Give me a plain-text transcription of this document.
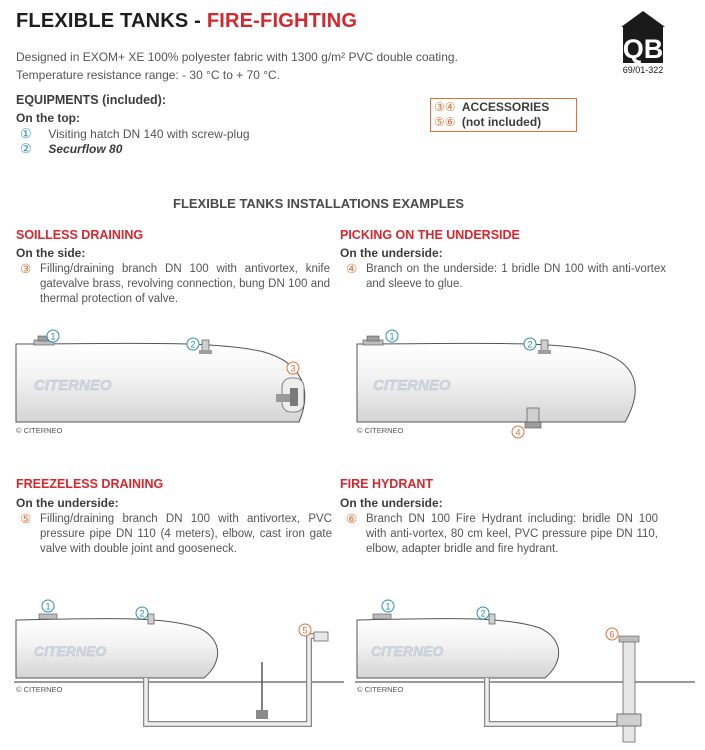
FLEXIBLE TANKS - FIRE-FIGHTING
QB
69/01-322
Designed in EXOM+ XE 100% polyester fabric with 1300 g/m² PVC double coating.
Temperature resistance range: - 30 °C to + 70 °C.
EQUIPMENTS (included):
On the top:
① Visiting hatch DN 140 with screw-plug
② Securflow 80
③④ ACCESSORIES
⑤⑥ (not included)
FLEXIBLE TANKS INSTALLATIONS EXAMPLES
SOILLESS DRAINING
On the side:
③ Filling/draining branch DN 100 with antivortex, knife gatevalve brass, revolving connection, bung DN 100 and thermal protection of valve.
PICKING ON THE UNDERSIDE
On the underside:
④ Branch on the underside: 1 bridle DN 100 with anti-vortex and sleeve to glue.
FREEZELESS DRAINING
On the underside:
⑤ Filling/draining branch DN 100 with antivortex, PVC pressure pipe DN 110 (4 meters), elbow, cast iron gate valve with double joint and gooseneck.
FIRE HYDRANT
On the underside:
⑥ Branch DN 100 Fire Hydrant including: bridle DN 100 with anti-vortex, 80 cm keel, PVC pressure pipe DN 110, elbow, adapter bridle and fire hydrant.
CITERNEO
1
2
3
© CITERNEO
CITERNEO
1
2
4
© CITERNEO
CITERNEO
1
2
5
© CITERNEO
CITERNEO
1
2
6
© CITERNEO
